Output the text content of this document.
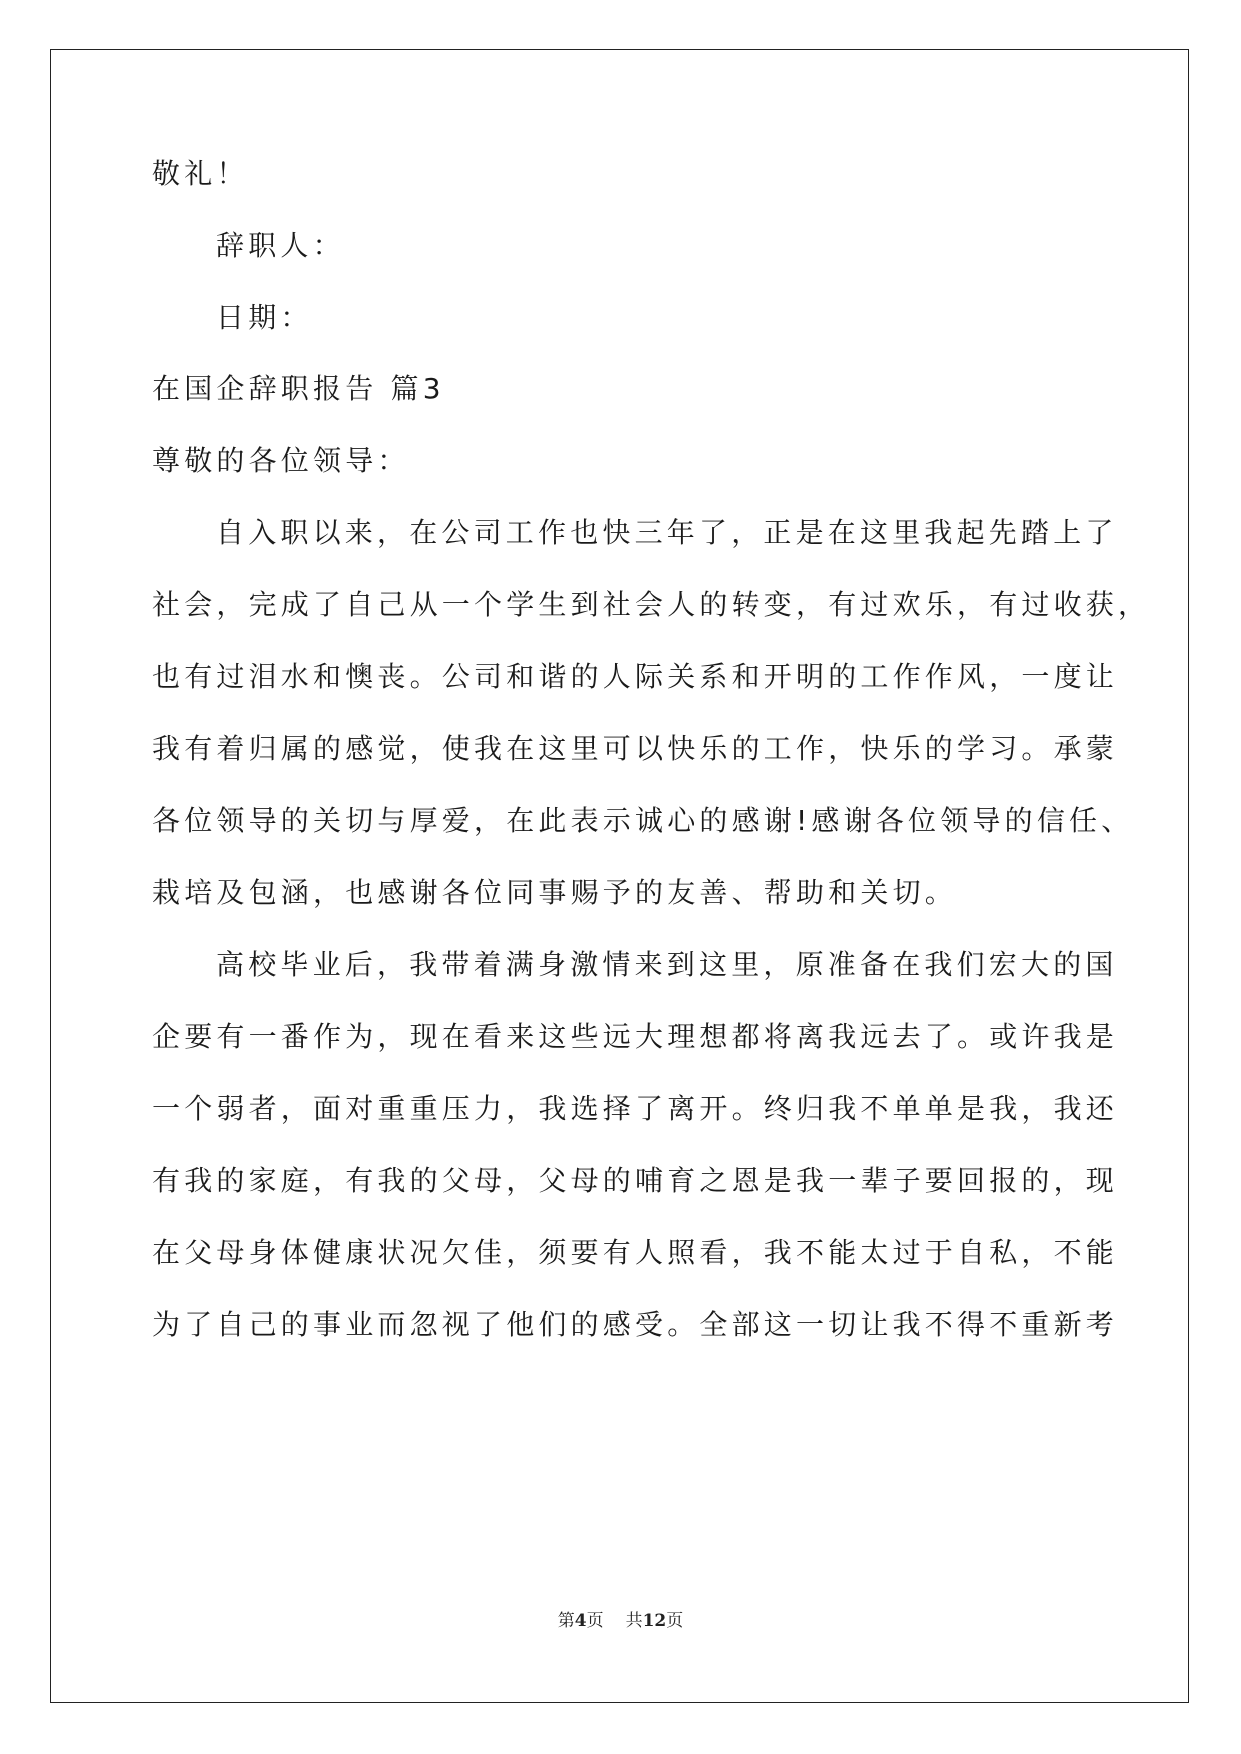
敬礼！
辞职人：
日期：
在国企辞职报告 篇3
尊敬的各位领导：
自入职以来，在公司工作也快三年了，正是在这里我起先踏上了
社会，完成了自己从一个学生到社会人的转变，有过欢乐，有过收获，
也有过泪水和懊丧。公司和谐的人际关系和开明的工作作风，一度让
我有着归属的感觉，使我在这里可以快乐的工作，快乐的学习。承蒙
各位领导的关切与厚爱，在此表示诚心的感谢!感谢各位领导的信任、
栽培及包涵，也感谢各位同事赐予的友善、帮助和关切。
高校毕业后，我带着满身激情来到这里，原准备在我们宏大的国
企要有一番作为，现在看来这些远大理想都将离我远去了。或许我是
一个弱者，面对重重压力，我选择了离开。终归我不单单是我，我还
有我的家庭，有我的父母，父母的哺育之恩是我一辈子要回报的，现
在父母身体健康状况欠佳，须要有人照看，我不能太过于自私，不能
为了自己的事业而忽视了他们的感受。全部这一切让我不得不重新考
第4页 共12页
